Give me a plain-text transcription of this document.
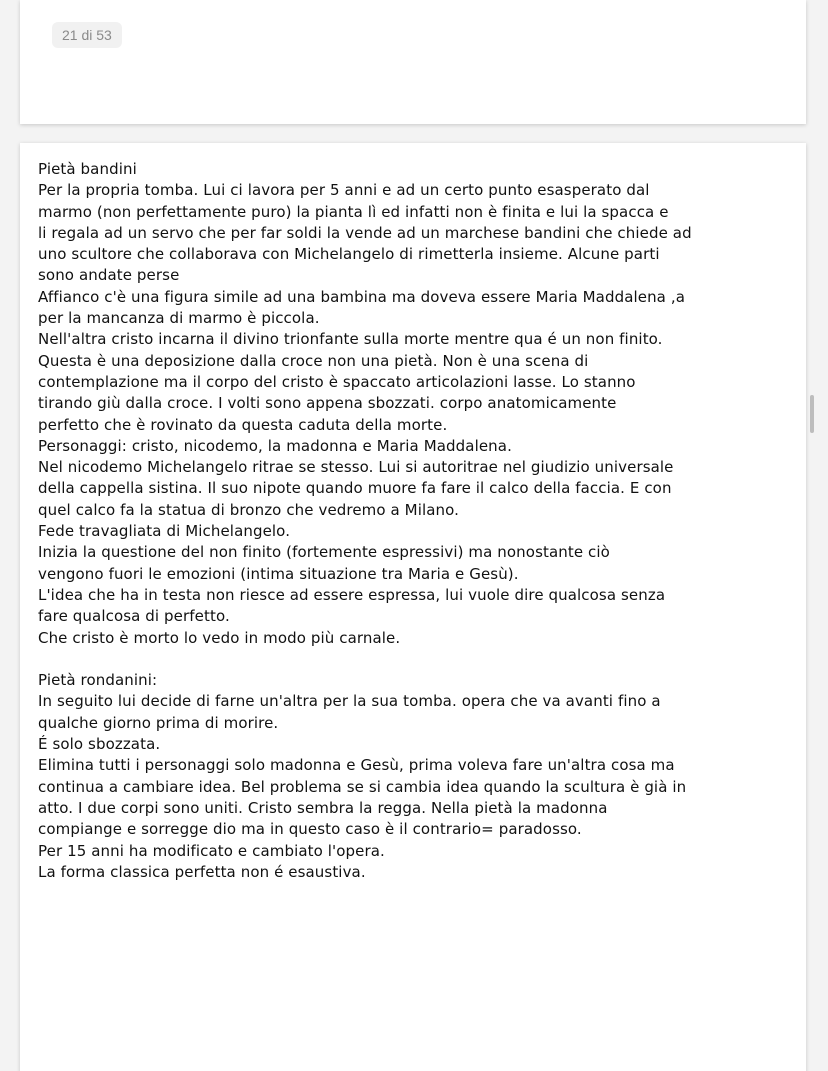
21 di 53
Pietà bandini
Per la propria tomba. Lui ci lavora per 5 anni e ad un certo punto esasperato dal
marmo (non perfettamente puro) la pianta lì ed infatti non è finita e lui la spacca e
li regala ad un servo che per far soldi la vende ad un marchese bandini che chiede ad
uno scultore che collaborava con Michelangelo di rimetterla insieme. Alcune parti
sono andate perse
Affianco c'è una figura simile ad una bambina ma doveva essere Maria Maddalena ,a
per la mancanza di marmo è piccola.
Nell'altra cristo incarna il divino trionfante sulla morte mentre qua é un non finito.
Questa è una deposizione dalla croce non una pietà. Non è una scena di
contemplazione ma il corpo del cristo è spaccato articolazioni lasse. Lo stanno
tirando giù dalla croce. I volti sono appena sbozzati. corpo anatomicamente
perfetto che è rovinato da questa caduta della morte.
Personaggi: cristo, nicodemo, la madonna e Maria Maddalena.
Nel nicodemo Michelangelo ritrae se stesso. Lui si autoritrae nel giudizio universale
della cappella sistina. Il suo nipote quando muore fa fare il calco della faccia. E con
quel calco fa la statua di bronzo che vedremo a Milano.
Fede travagliata di Michelangelo.
Inizia la questione del non finito (fortemente espressivi) ma nonostante ciò
vengono fuori le emozioni (intima situazione tra Maria e Gesù).
L'idea che ha in testa non riesce ad essere espressa, lui vuole dire qualcosa senza
fare qualcosa di perfetto.
Che cristo è morto lo vedo in modo più carnale.
Pietà rondanini:
In seguito lui decide di farne un'altra per la sua tomba. opera che va avanti fino a
qualche giorno prima di morire.
É solo sbozzata.
Elimina tutti i personaggi solo madonna e Gesù, prima voleva fare un'altra cosa ma
continua a cambiare idea. Bel problema se si cambia idea quando la scultura è già in
atto. I due corpi sono uniti. Cristo sembra la regga. Nella pietà la madonna
compiange e sorregge dio ma in questo caso è il contrario= paradosso.
Per 15 anni ha modificato e cambiato l'opera.
La forma classica perfetta non é esaustiva.
